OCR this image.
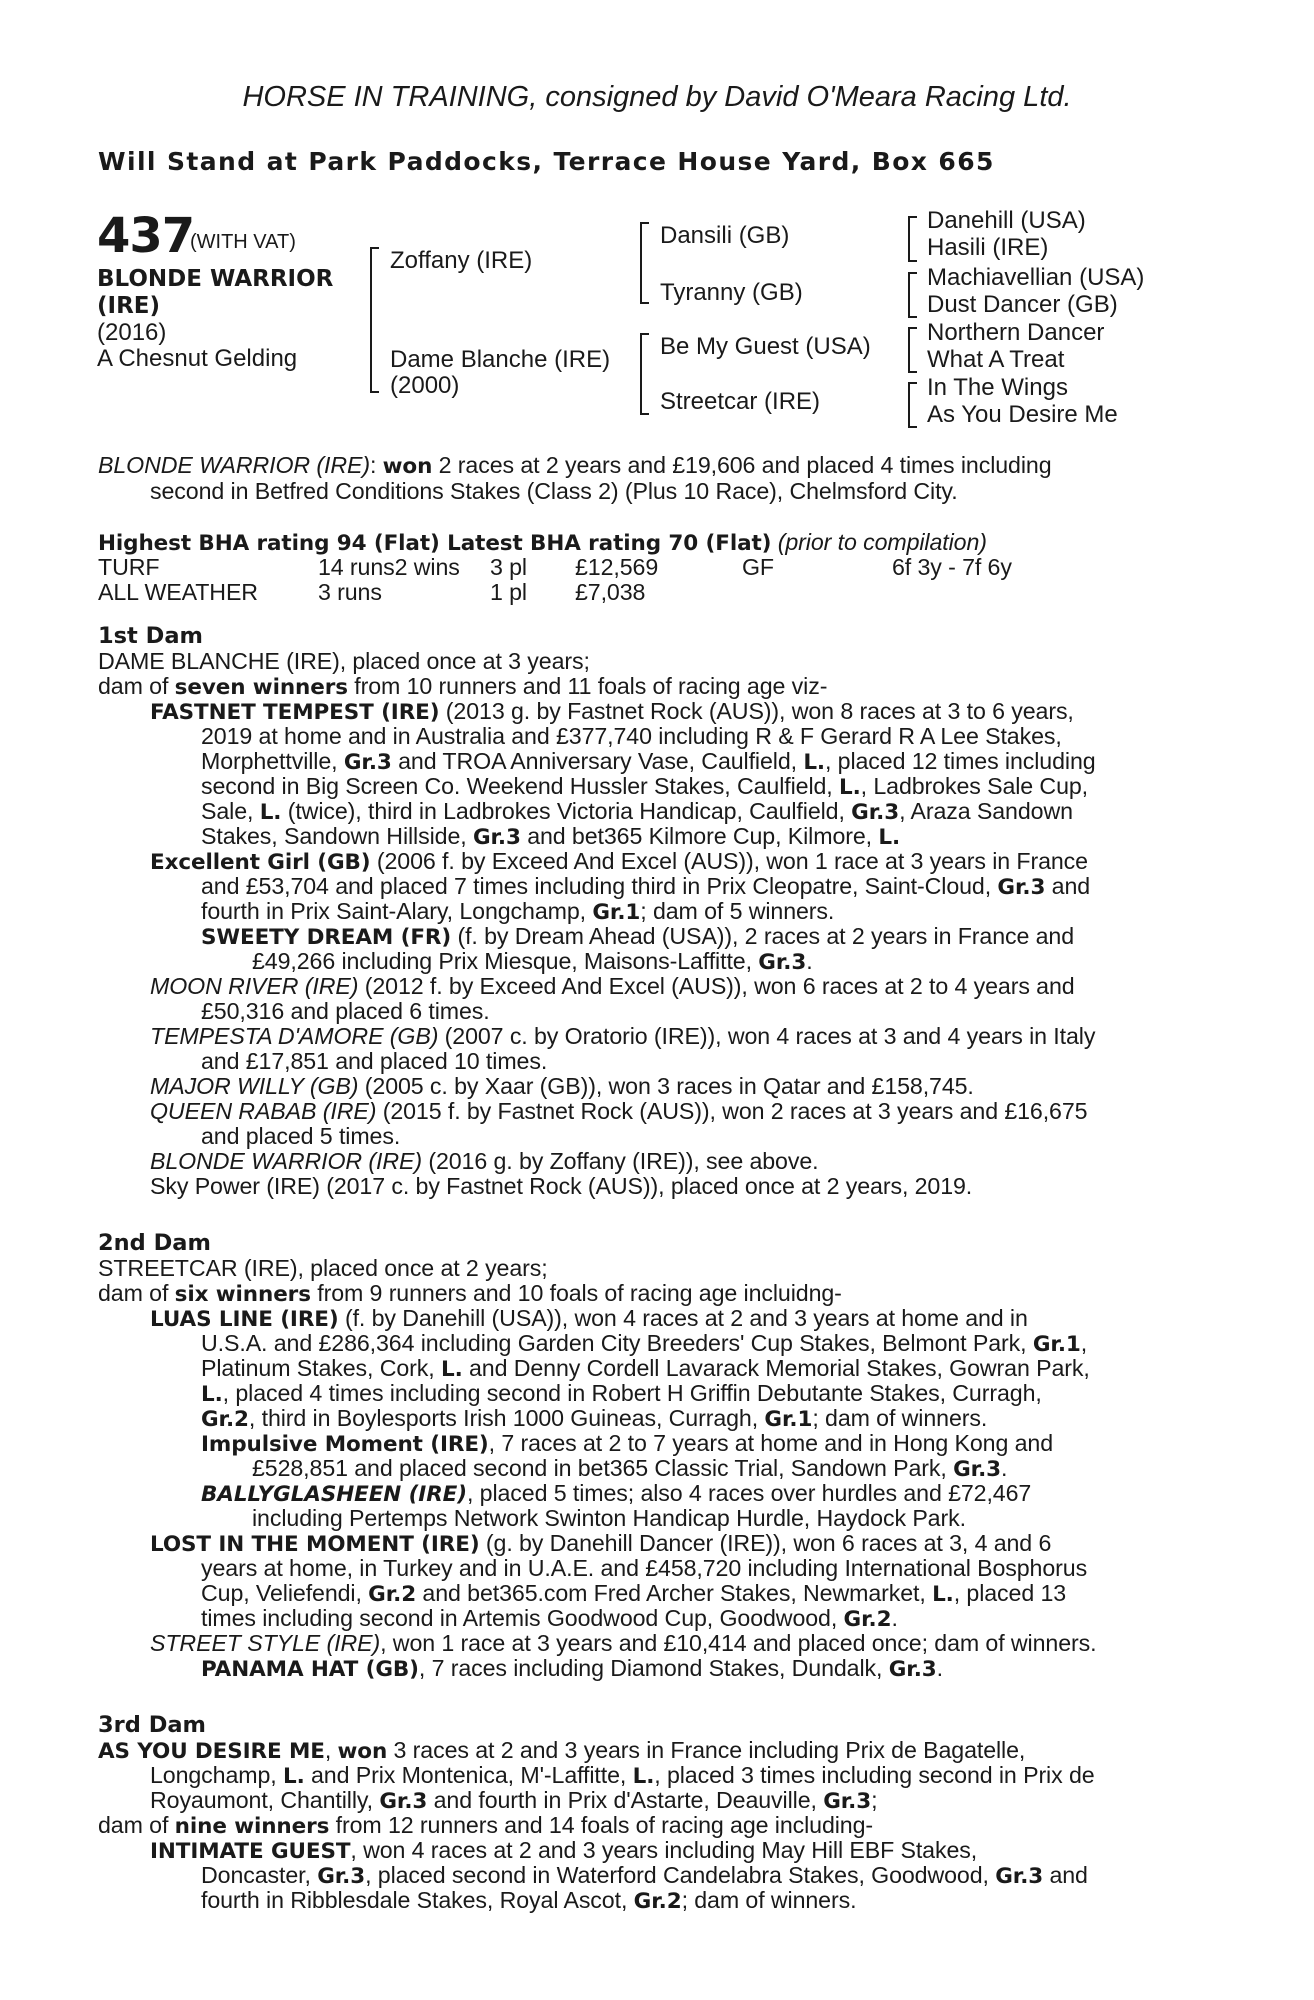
HORSE IN TRAINING, consigned by David O'Meara Racing Ltd.
Will Stand at Park Paddocks, Terrace House Yard, Box 665
437
(WITH VAT)
BLONDE WARRIOR
(IRE)
(2016)
A Chesnut Gelding
Zoffany (IRE)
Dame Blanche (IRE)
(2000)
Dansili (GB)
Tyranny (GB)
Be My Guest (USA)
Streetcar (IRE)
Danehill (USA)
Hasili (IRE)
Machiavellian (USA)
Dust Dancer (GB)
Northern Dancer
What A Treat
In The Wings
As You Desire Me
BLONDE WARRIOR (IRE): won 2 races at 2 years and £19,606 and placed 4 times including
second in Betfred Conditions Stakes (Class 2) (Plus 10 Race), Chelmsford City.
Highest BHA rating 94 (Flat) Latest BHA rating 70 (Flat) (prior to compilation)
TURF	14 runs2 wins 3 pl £12,569	GF	6f 3y - 7f 6y
ALL WEATHER	3 runs	1 pl £7,038
1st Dam
DAME BLANCHE (IRE), placed once at 3 years;
dam of seven winners from 10 runners and 11 foals of racing age viz-
FASTNET TEMPEST (IRE) (2013 g. by Fastnet Rock (AUS)), won 8 races at 3 to 6 years,
2019 at home and in Australia and £377,740 including R & F Gerard R A Lee Stakes,
Morphettville, Gr.3 and TROA Anniversary Vase, Caulfield, L., placed 12 times including
second in Big Screen Co. Weekend Hussler Stakes, Caulfield, L., Ladbrokes Sale Cup,
Sale, L. (twice), third in Ladbrokes Victoria Handicap, Caulfield, Gr.3, Araza Sandown
Stakes, Sandown Hillside, Gr.3 and bet365 Kilmore Cup, Kilmore, L.
Excellent Girl (GB) (2006 f. by Exceed And Excel (AUS)), won 1 race at 3 years in France
and £53,704 and placed 7 times including third in Prix Cleopatre, Saint-Cloud, Gr.3 and
fourth in Prix Saint-Alary, Longchamp, Gr.1; dam of 5 winners.
SWEETY DREAM (FR) (f. by Dream Ahead (USA)), 2 races at 2 years in France and
£49,266 including Prix Miesque, Maisons-Laffitte, Gr.3.
MOON RIVER (IRE) (2012 f. by Exceed And Excel (AUS)), won 6 races at 2 to 4 years and
£50,316 and placed 6 times.
TEMPESTA D'AMORE (GB) (2007 c. by Oratorio (IRE)), won 4 races at 3 and 4 years in Italy
and £17,851 and placed 10 times.
MAJOR WILLY (GB) (2005 c. by Xaar (GB)), won 3 races in Qatar and £158,745.
QUEEN RABAB (IRE) (2015 f. by Fastnet Rock (AUS)), won 2 races at 3 years and £16,675
and placed 5 times.
BLONDE WARRIOR (IRE) (2016 g. by Zoffany (IRE)), see above.
Sky Power (IRE) (2017 c. by Fastnet Rock (AUS)), placed once at 2 years, 2019.
2nd Dam
STREETCAR (IRE), placed once at 2 years;
dam of six winners from 9 runners and 10 foals of racing age incluidng-
LUAS LINE (IRE) (f. by Danehill (USA)), won 4 races at 2 and 3 years at home and in
U.S.A. and £286,364 including Garden City Breeders' Cup Stakes, Belmont Park, Gr.1,
Platinum Stakes, Cork, L. and Denny Cordell Lavarack Memorial Stakes, Gowran Park,
L., placed 4 times including second in Robert H Griffin Debutante Stakes, Curragh,
Gr.2, third in Boylesports Irish 1000 Guineas, Curragh, Gr.1; dam of winners.
Impulsive Moment (IRE), 7 races at 2 to 7 years at home and in Hong Kong and
£528,851 and placed second in bet365 Classic Trial, Sandown Park, Gr.3.
BALLYGLASHEEN (IRE), placed 5 times; also 4 races over hurdles and £72,467
including Pertemps Network Swinton Handicap Hurdle, Haydock Park.
LOST IN THE MOMENT (IRE) (g. by Danehill Dancer (IRE)), won 6 races at 3, 4 and 6
years at home, in Turkey and in U.A.E. and £458,720 including International Bosphorus
Cup, Veliefendi, Gr.2 and bet365.com Fred Archer Stakes, Newmarket, L., placed 13
times including second in Artemis Goodwood Cup, Goodwood, Gr.2.
STREET STYLE (IRE), won 1 race at 3 years and £10,414 and placed once; dam of winners.
PANAMA HAT (GB), 7 races including Diamond Stakes, Dundalk, Gr.3.
3rd Dam
AS YOU DESIRE ME, won 3 races at 2 and 3 years in France including Prix de Bagatelle,
Longchamp, L. and Prix Montenica, M'-Laffitte, L., placed 3 times including second in Prix de
Royaumont, Chantilly, Gr.3 and fourth in Prix d'Astarte, Deauville, Gr.3;
dam of nine winners from 12 runners and 14 foals of racing age including-
INTIMATE GUEST, won 4 races at 2 and 3 years including May Hill EBF Stakes,
Doncaster, Gr.3, placed second in Waterford Candelabra Stakes, Goodwood, Gr.3 and
fourth in Ribblesdale Stakes, Royal Ascot, Gr.2; dam of winners.
